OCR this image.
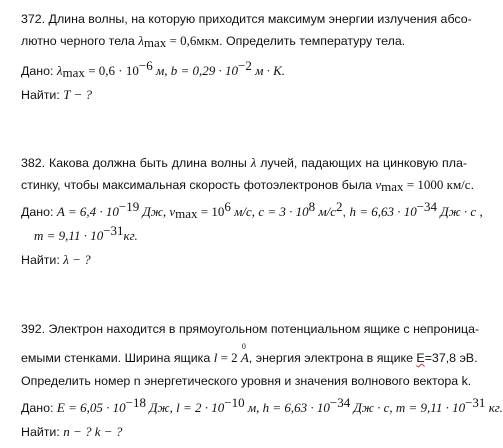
372. Длина волны, на которую приходится максимум энергии излучения абсо-
лютно черного тела $\lambda_{max} = 0,6мкм$. Определить температуру тела.
Дано: $\lambda_{max} = 0,6 \cdot 10^{-6}$ м, $b = 0,29 \cdot 10^{-2}$ м · К.
Найти: T − ?
382. Какова должна быть длина волны λ лучей, падающих на цинковую пла-
стинку, чтобы максимальная скорость фотоэлектронов была $v_{max} = 1000$ км/с.
Дано: $A = 6,4 \cdot 10^{-19}$ Дж, $v_{max} = 10^6$ м/с, $c = 3 \cdot 10^8$ $м/с^2$, $h = 6,63 \cdot 10^{-34}$ Дж · с ,
$m = 9,11 \cdot 10^{-31}кг$.
Найти: λ − ?
392. Электрон находится в прямоугольном потенциальном ящике с непроница-
емыми стенками. Ширина ящика l = 2 0 A, энергия электрона в ящике E=37,8 эВ.
Определить номер n энергетического уровня и значения волнового вектора k.
Дано: $E = 6,05 \cdot 10^{-18}$ Дж, $l = 2 \cdot 10^{-10}$ м, $h = 6,63 \cdot 10^{-34}$ Дж · с, $m = 9,11 \cdot 10^{-31}$ кг.
Найти: n − ? k − ?
